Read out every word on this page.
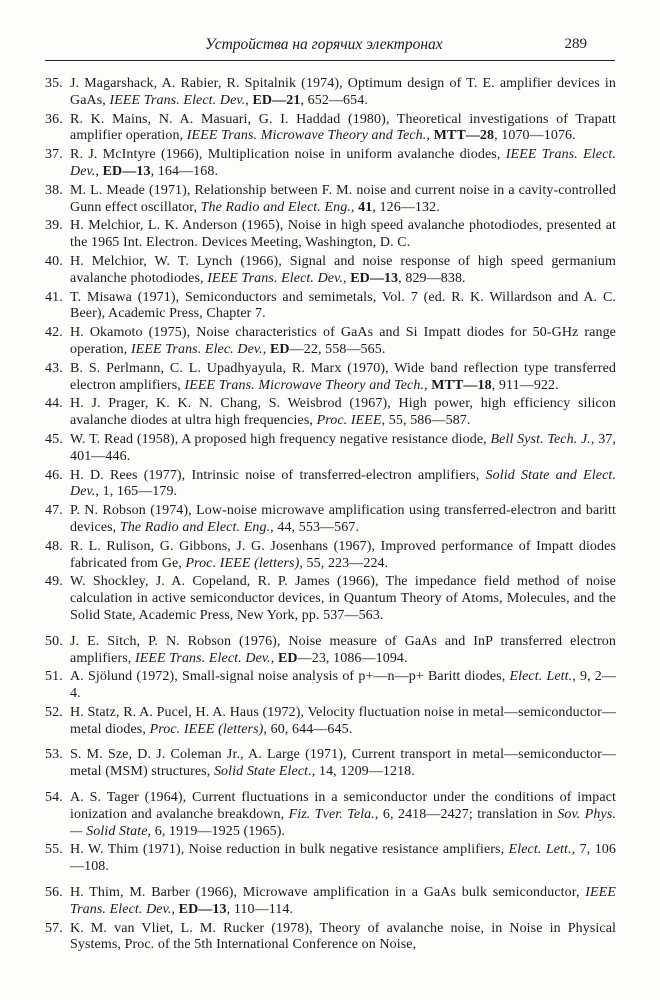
Устройства на горячих электронах	289
35. J. Magarshack, A. Rabier, R. Spitalnik (1974), Optimum design of T. E. amplifier devices in GaAs, IEEE Trans. Elect. Dev., ED—21, 652—654.
36. R. K. Mains, N. A. Masuari, G. I. Haddad (1980), Theoretical investigations of Trapatt amplifier operation, IEEE Trans. Microwave Theory and Tech., MTT—28, 1070—1076.
37. R. J. McIntyre (1966), Multiplication noise in uniform avalanche diodes, IEEE Trans. Elect. Dev., ED—13, 164—168.
38. M. L. Meade (1971), Relationship between F. M. noise and current noise in a cavity-controlled Gunn effect oscillator, The Radio and Elect. Eng., 41, 126—132.
39. H. Melchior, L. K. Anderson (1965), Noise in high speed avalanche photodiodes, presented at the 1965 Int. Electron. Devices Meeting, Washington, D. C.
40. H. Melchior, W. T. Lynch (1966), Signal and noise response of high speed germanium avalanche photodiodes, IEEE Trans. Elect. Dev., ED—13, 829—838.
41. T. Misawa (1971), Semiconductors and semimetals, Vol. 7 (ed. R. K. Willardson and A. C. Beer), Academic Press, Chapter 7.
42. H. Okamoto (1975), Noise characteristics of GaAs and Si Impatt diodes for 50-GHz range operation, IEEE Trans. Elec. Dev., ED—22, 558—565.
43. B. S. Perlmann, C. L. Upadhyayula, R. Marx (1970), Wide band reflection type transferred electron amplifiers, IEEE Trans. Microwave Theory and Tech., MTT—18, 911—922.
44. H. J. Prager, K. K. N. Chang, S. Weisbrod (1967), High power, high efficiency silicon avalanche diodes at ultra high frequencies, Proc. IEEE, 55, 586—587.
45. W. T. Read (1958), A proposed high frequency negative resistance diode, Bell Syst. Tech. J., 37, 401—446.
46. H. D. Rees (1977), Intrinsic noise of transferred-electron amplifiers, Solid State and Elect. Dev., 1, 165—179.
47. P. N. Robson (1974), Low-noise microwave amplification using transferred-electron and baritt devices, The Radio and Elect. Eng., 44, 553—567.
48. R. L. Rulison, G. Gibbons, J. G. Josenhans (1967), Improved performance of Impatt diodes fabricated from Ge, Proc. IEEE (letters), 55, 223—224.
49. W. Shockley, J. A. Copeland, R. P. James (1966), The impedance field method of noise calculation in active semiconductor devices, in Quantum Theory of Atoms, Molecules, and the Solid State, Academic Press, New York, pp. 537—563.
50. J. E. Sitch, P. N. Robson (1976), Noise measure of GaAs and InP transferred electron amplifiers, IEEE Trans. Elect. Dev., ED—23, 1086—1094.
51. A. Sjölund (1972), Small-signal noise analysis of p+—n—p+ Baritt diodes, Elect. Lett., 9, 2—4.
52. H. Statz, R. A. Pucel, H. A. Haus (1972), Velocity fluctuation noise in metal—semiconductor—metal diodes, Proc. IEEE (letters), 60, 644—645.
53. S. M. Sze, D. J. Coleman Jr., A. Large (1971), Current transport in metal—semiconductor—metal (MSM) structures, Solid State Elect., 14, 1209—1218.
54. A. S. Tager (1964), Current fluctuations in a semiconductor under the conditions of impact ionization and avalanche breakdown, Fiz. Tver. Tela., 6, 2418—2427; translation in Sov. Phys. — Solid State, 6, 1919—1925 (1965).
55. H. W. Thim (1971), Noise reduction in bulk negative resistance amplifiers, Elect. Lett., 7, 106—108.
56. H. Thim, M. Barber (1966), Microwave amplification in a GaAs bulk semiconductor, IEEE Trans. Elect. Dev., ED—13, 110—114.
57. K. M. van Vliet, L. M. Rucker (1978), Theory of avalanche noise, in Noise in Physical Systems, Proc. of the 5th International Conference on Noise,
